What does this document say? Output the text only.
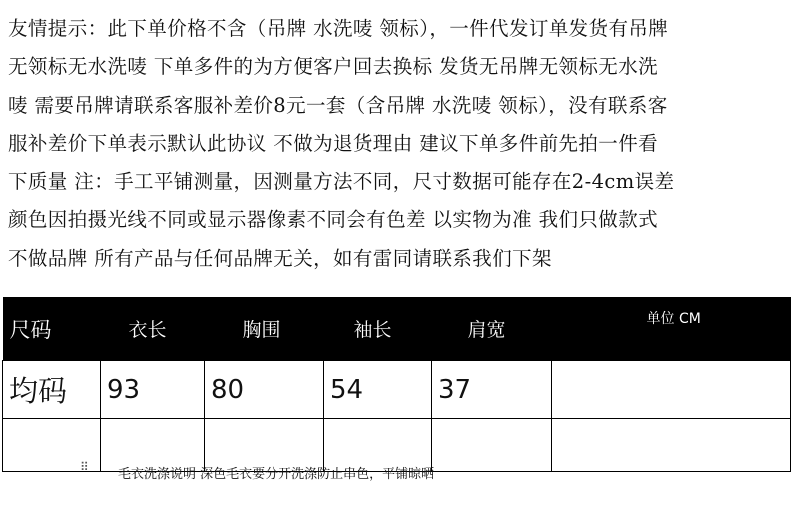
友情提示：此下单价格不含（吊牌 水洗唛 领标），一件代发订单发货有吊牌
无领标无水洗唛 下单多件的为方便客户回去换标 发货无吊牌无领标无水洗
唛 需要吊牌请联系客服补差价8元一套（含吊牌 水洗唛 领标），没有联系客
服补差价下单表示默认此协议 不做为退货理由 建议下单多件前先拍一件看
下质量 注：手工平铺测量，因测量方法不同，尺寸数据可能存在2-4cm误差
颜色因拍摄光线不同或显示器像素不同会有色差 以实物为准 我们只做款式
不做品牌 所有产品与任何品牌无关，如有雷同请联系我们下架
尺码	衣长	胸围	袖长	肩宽	单位 CM
均码	93	80	54	37	

⠿ 毛衣洗涤说明 深色毛衣要分开洗涤防止串色，平铺晾晒
